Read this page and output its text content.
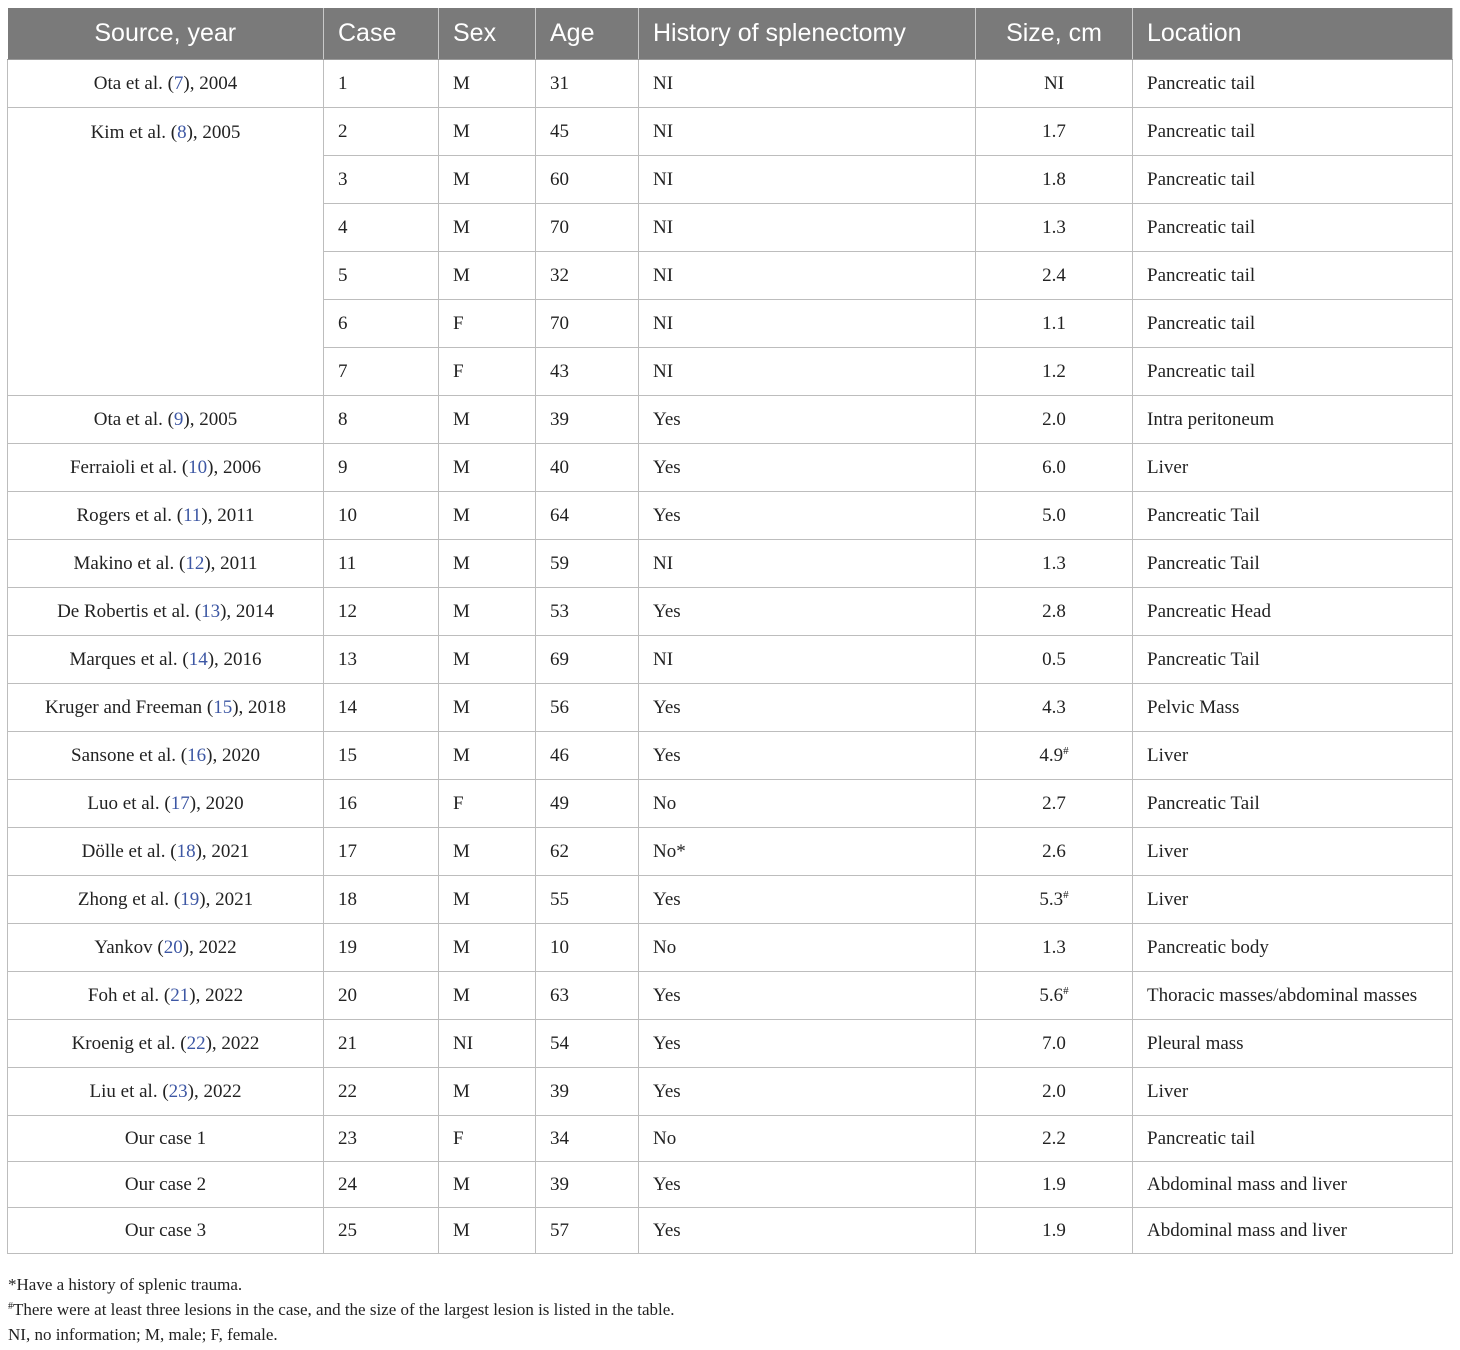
Source, year	Case	Sex	Age	History of splenectomy	Size, cm	Location
Ota et al. (7), 2004	1	M	31	NI	NI	Pancreatic tail
Kim et al. (8), 2005	2	M	45	NI	1.7	Pancreatic tail
	3	M	60	NI	1.8	Pancreatic tail
	4	M	70	NI	1.3	Pancreatic tail
	5	M	32	NI	2.4	Pancreatic tail
	6	F	70	NI	1.1	Pancreatic tail
	7	F	43	NI	1.2	Pancreatic tail
Ota et al. (9), 2005	8	M	39	Yes	2.0	Intra peritoneum
Ferraioli et al. (10), 2006	9	M	40	Yes	6.0	Liver
Rogers et al. (11), 2011	10	M	64	Yes	5.0	Pancreatic Tail
Makino et al. (12), 2011	11	M	59	NI	1.3	Pancreatic Tail
De Robertis et al. (13), 2014	12	M	53	Yes	2.8	Pancreatic Head
Marques et al. (14), 2016	13	M	69	NI	0.5	Pancreatic Tail
Kruger and Freeman (15), 2018	14	M	56	Yes	4.3	Pelvic Mass
Sansone et al. (16), 2020	15	M	46	Yes	4.9#	Liver
Luo et al. (17), 2020	16	F	49	No	2.7	Pancreatic Tail
Dölle et al. (18), 2021	17	M	62	No*	2.6	Liver
Zhong et al. (19), 2021	18	M	55	Yes	5.3#	Liver
Yankov (20), 2022	19	M	10	No	1.3	Pancreatic body
Foh et al. (21), 2022	20	M	63	Yes	5.6#	Thoracic masses/abdominal masses
Kroenig et al. (22), 2022	21	NI	54	Yes	7.0	Pleural mass
Liu et al. (23), 2022	22	M	39	Yes	2.0	Liver
Our case 1	23	F	34	No	2.2	Pancreatic tail
Our case 2	24	M	39	Yes	1.9	Abdominal mass and liver
Our case 3	25	M	57	Yes	1.9	Abdominal mass and liver
*Have a history of splenic trauma.
#There were at least three lesions in the case, and the size of the largest lesion is listed in the table.
NI, no information; M, male; F, female.
